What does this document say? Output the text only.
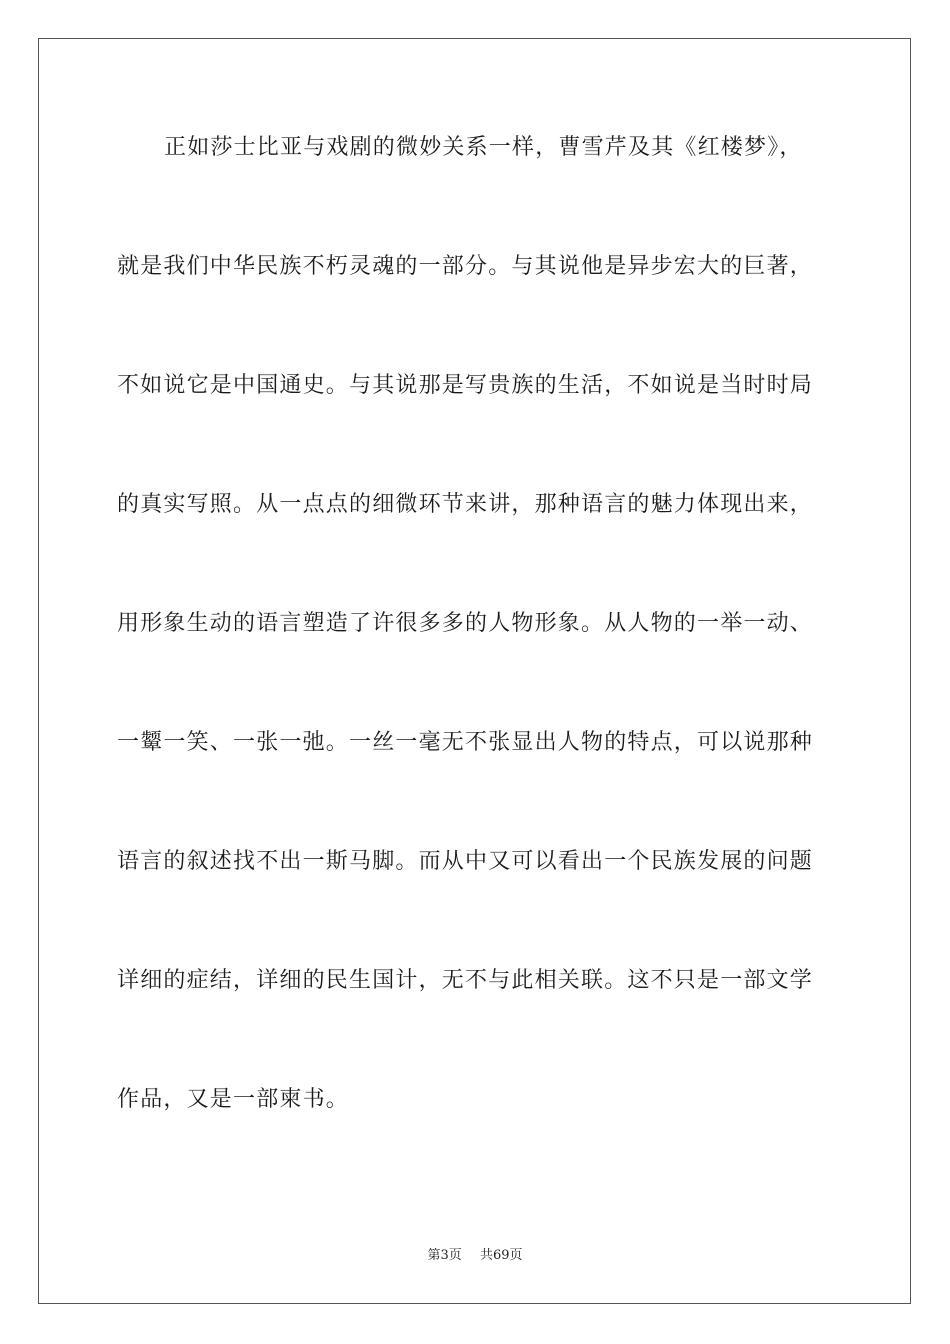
正如莎士比亚与戏剧的微妙关系一样，曹雪芹及其《红楼梦》，
就是我们中华民族不朽灵魂的一部分。与其说他是异步宏大的巨著，
不如说它是中国通史。与其说那是写贵族的生活，不如说是当时时局
的真实写照。从一点点的细微环节来讲，那种语言的魅力体现出来，
用形象生动的语言塑造了许很多多的人物形象。从人物的一举一动、
一颦一笑、一张一弛。一丝一毫无不张显出人物的特点，可以说那种
语言的叙述找不出一斯马脚。而从中又可以看出一个民族发展的问题
详细的症结，详细的民生国计，无不与此相关联。这不只是一部文学
作品，又是一部柬书。
第3页 共69页
